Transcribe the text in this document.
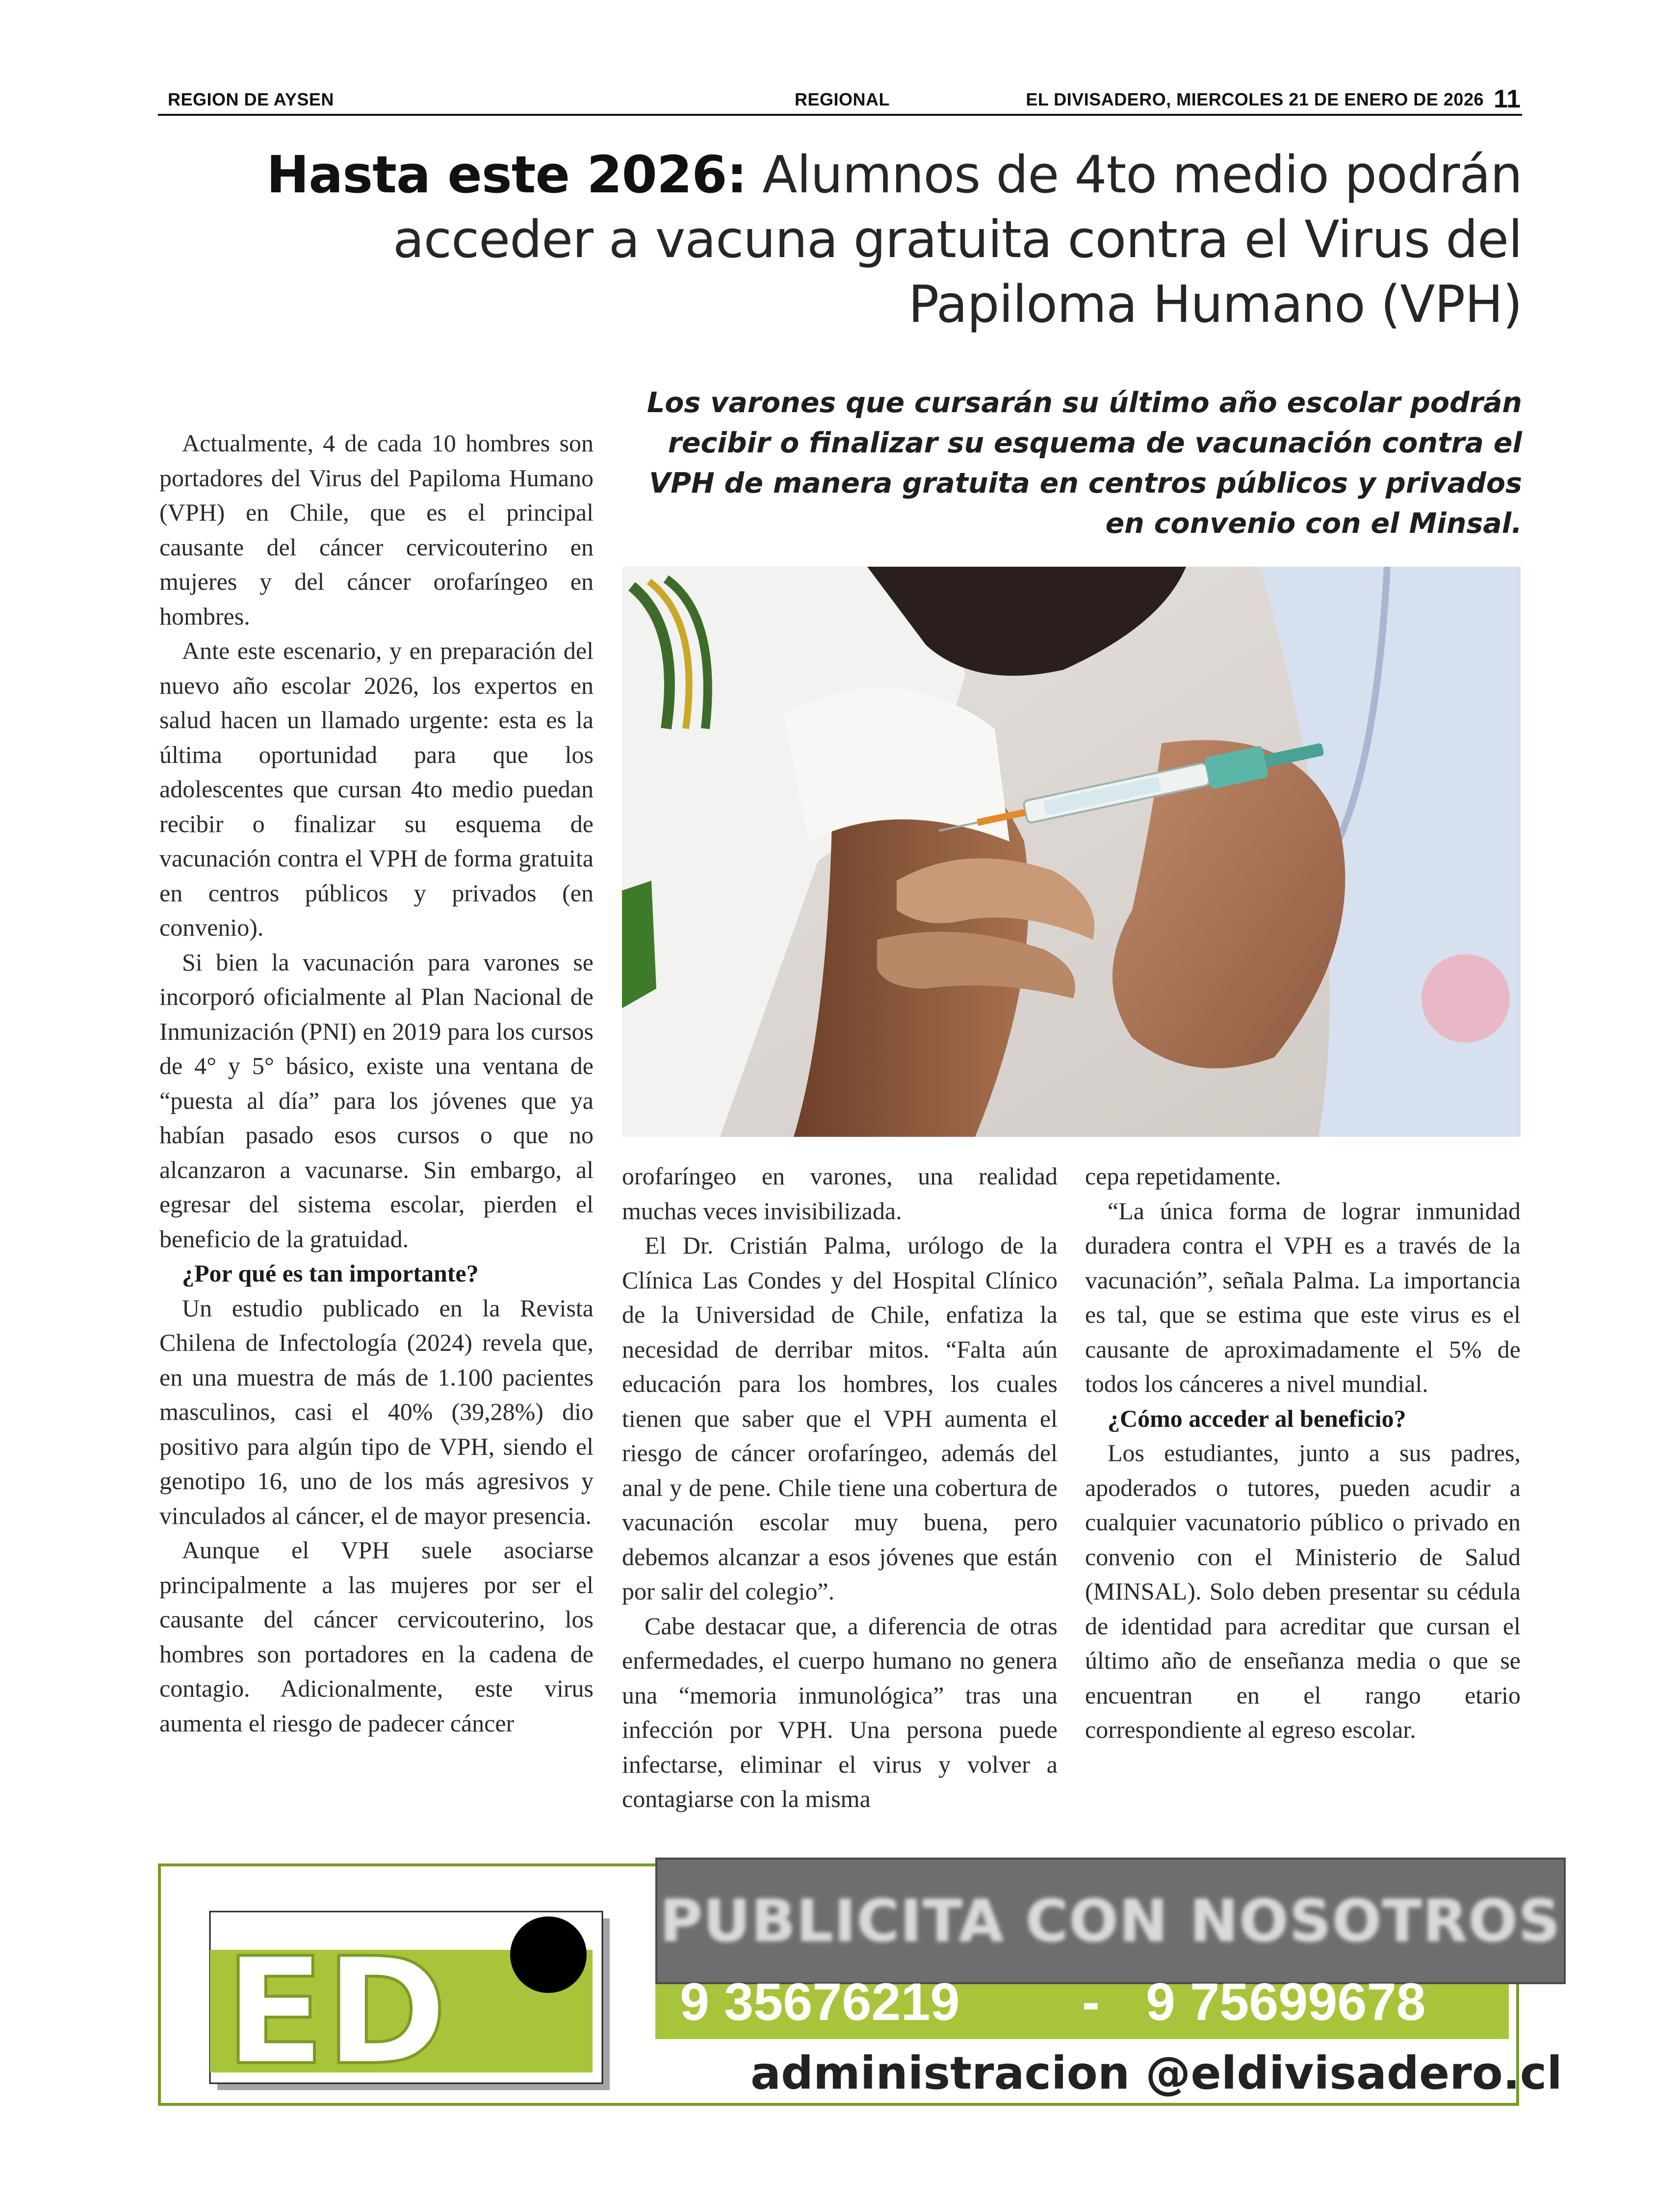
REGION DE AYSEN	REGIONAL	EL DIVISADERO, MIERCOLES 21 DE ENERO DE 2026 11
Hasta este 2026: Alumnos de 4to medio podrán acceder a vacuna gratuita contra el Virus del Papiloma Humano (VPH)
Los varones que cursarán su último año escolar podrán recibir o finalizar su esquema de vacunación contra el VPH de manera gratuita en centros públicos y privados en convenio con el Minsal.

Actualmente, 4 de cada 10 hombres son portadores del Virus del Papiloma Humano (VPH) en Chile, que es el principal causante del cáncer cervicouterino en mujeres y del cáncer orofaríngeo en hombres.

Ante este escenario, y en preparación del nuevo año escolar 2026, los expertos en salud hacen un llamado urgente: esta es la última oportunidad para que los adolescentes que cursan 4to medio puedan recibir o finalizar su esquema de vacunación contra el VPH de forma gratuita en centros públicos y privados (en convenio).

Si bien la vacunación para varones se incorporó oficialmente al Plan Nacional de Inmunización (PNI) en 2019 para los cursos de 4° y 5° básico, existe una ventana de “puesta al día” para los jóvenes que ya habían pasado esos cursos o que no alcanzaron a vacunarse. Sin embargo, al egresar del sistema escolar, pierden el beneficio de la gratuidad.

¿Por qué es tan importante?

Un estudio publicado en la Revista Chilena de Infectología (2024) revela que, en una muestra de más de 1.100 pacientes masculinos, casi el 40% (39,28%) dio positivo para algún tipo de VPH, siendo el genotipo 16, uno de los más agresivos y vinculados al cáncer, el de mayor presencia.

Aunque el VPH suele asociarse principalmente a las mujeres por ser el causante del cáncer cervicouterino, los hombres son portadores en la cadena de contagio. Adicionalmente, este virus aumenta el riesgo de padecer cáncer

orofaríngeo en varones, una realidad muchas veces invisibilizada.

El Dr. Cristián Palma, urólogo de la Clínica Las Condes y del Hospital Clínico de la Universidad de Chile, enfatiza la necesidad de derribar mitos. “Falta aún educación para los hombres, los cuales tienen que saber que el VPH aumenta el riesgo de cáncer orofaríngeo, además del anal y de pene. Chile tiene una cobertura de vacunación escolar muy buena, pero debemos alcanzar a esos jóvenes que están por salir del colegio”.

Cabe destacar que, a diferencia de otras enfermedades, el cuerpo humano no genera una “memoria inmunológica” tras una infección por VPH. Una persona puede infectarse, eliminar el virus y volver a contagiarse con la misma

cepa repetidamente.

“La única forma de lograr inmunidad duradera contra el VPH es a través de la vacunación”, señala Palma. La importancia es tal, que se estima que este virus es el causante de aproximadamente el 5% de todos los cánceres a nivel mundial.

¿Cómo acceder al beneficio?

Los estudiantes, junto a sus padres, apoderados o tutores, pueden acudir a cualquier vacunatorio público o privado en convenio con el Ministerio de Salud (MINSAL). Solo deben presentar su cédula de identidad para acreditar que cursan el último año de enseñanza media o que se encuentran en el rango etario correspondiente al egreso escolar.

ED
PUBLICITA CON NOSOTROS
9 35676219 - 9 75699678
administracion @eldivisadero.cl
